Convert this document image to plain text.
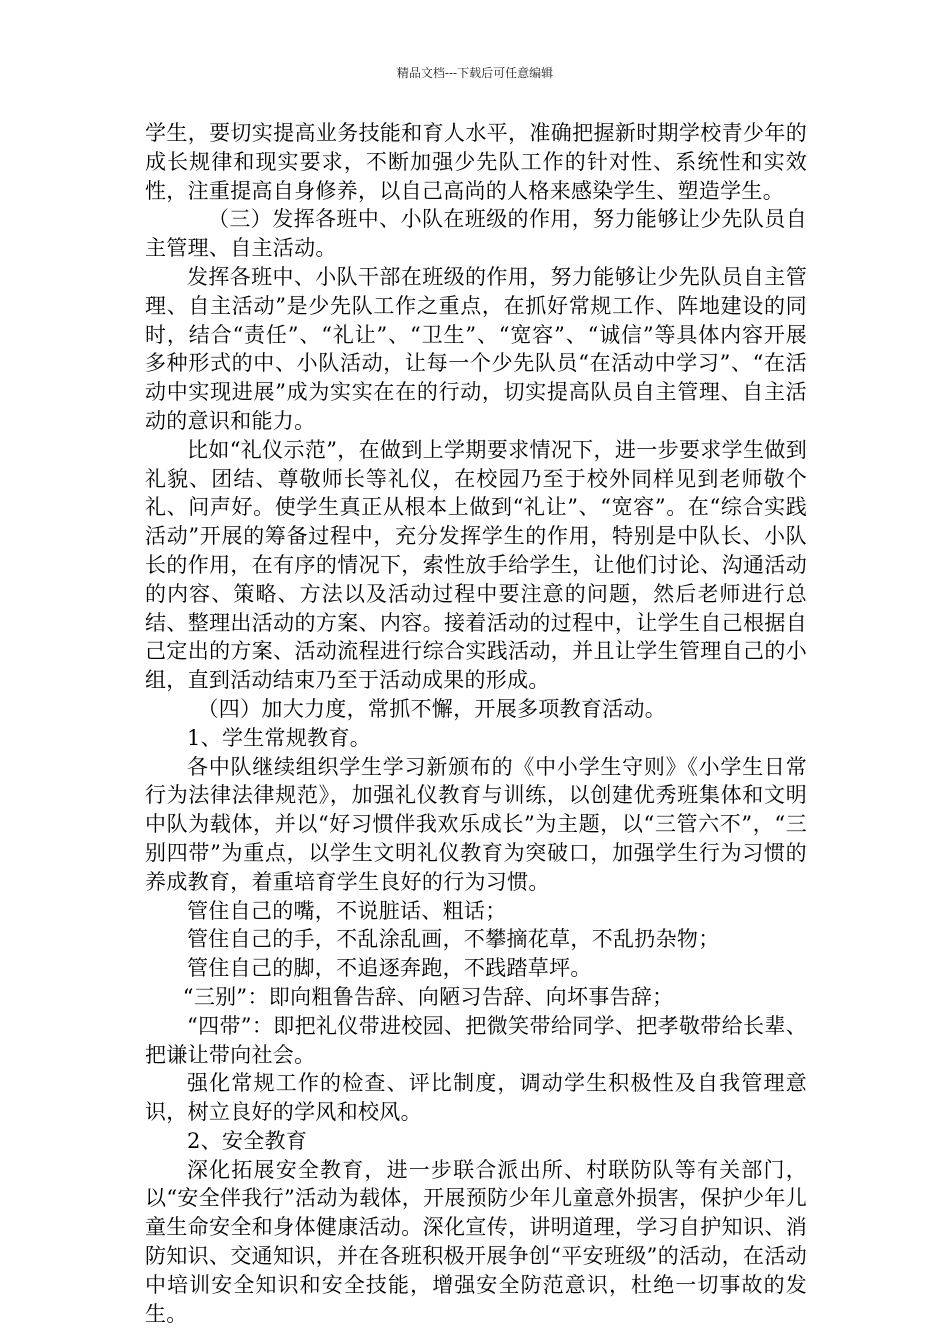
精品文档---下载后可任意编辑

学生，要切实提高业务技能和育人水平，准确把握新时期学校青少年的成长规律和现实要求，不断加强少先队工作的针对性、系统性和实效性，注重提高自身修养，以自己高尚的人格来感染学生、塑造学生。

（三）发挥各班中、小队在班级的作用，努力能够让少先队员自主管理、自主活动。

发挥各班中、小队干部在班级的作用，努力能够让少先队员自主管理、自主活动”是少先队工作之重点，在抓好常规工作、阵地建设的同时，结合“责任”、“礼让”、“卫生”、“宽容”、“诚信”等具体内容开展多种形式的中、小队活动，让每一个少先队员“在活动中学习”、“在活动中实现进展”成为实实在在的行动，切实提高队员自主管理、自主活动的意识和能力。

比如“礼仪示范”，在做到上学期要求情况下，进一步要求学生做到礼貌、团结、尊敬师长等礼仪，在校园乃至于校外同样见到老师敬个礼、问声好。使学生真正从根本上做到“礼让”、“宽容”。在“综合实践活动”开展的筹备过程中，充分发挥学生的作用，特别是中队长、小队长的作用，在有序的情况下，索性放手给学生，让他们讨论、沟通活动的内容、策略、方法以及活动过程中要注意的问题，然后老师进行总结、整理出活动的方案、内容。接着活动的过程中，让学生自己根据自己定出的方案、活动流程进行综合实践活动，并且让学生管理自己的小组，直到活动结束乃至于活动成果的形成。

（四）加大力度，常抓不懈，开展多项教育活动。

1、学生常规教育。

各中队继续组织学生学习新颁布的《中小学生守则》《小学生日常行为法律法律规范》，加强礼仪教育与训练，以创建优秀班集体和文明中队为载体，并以“好习惯伴我欢乐成长”为主题，以“三管六不”，“三别四带”为重点，以学生文明礼仪教育为突破口，加强学生行为习惯的养成教育，着重培育学生良好的行为习惯。

管住自己的嘴，不说脏话、粗话；

管住自己的手，不乱涂乱画，不攀摘花草，不乱扔杂物；

管住自己的脚，不追逐奔跑，不践踏草坪。

“三别”：即向粗鲁告辞、向陋习告辞、向坏事告辞；

“四带”：即把礼仪带进校园、把微笑带给同学、把孝敬带给长辈、把谦让带向社会。

强化常规工作的检查、评比制度，调动学生积极性及自我管理意识，树立良好的学风和校风。

2、安全教育

深化拓展安全教育，进一步联合派出所、村联防队等有关部门，以“安全伴我行”活动为载体，开展预防少年儿童意外损害，保护少年儿童生命安全和身体健康活动。深化宣传，讲明道理，学习自护知识、消防知识、交通知识，并在各班积极开展争创“平安班级”的活动，在活动中培训安全知识和安全技能，增强安全防范意识，杜绝一切事故的发生。
